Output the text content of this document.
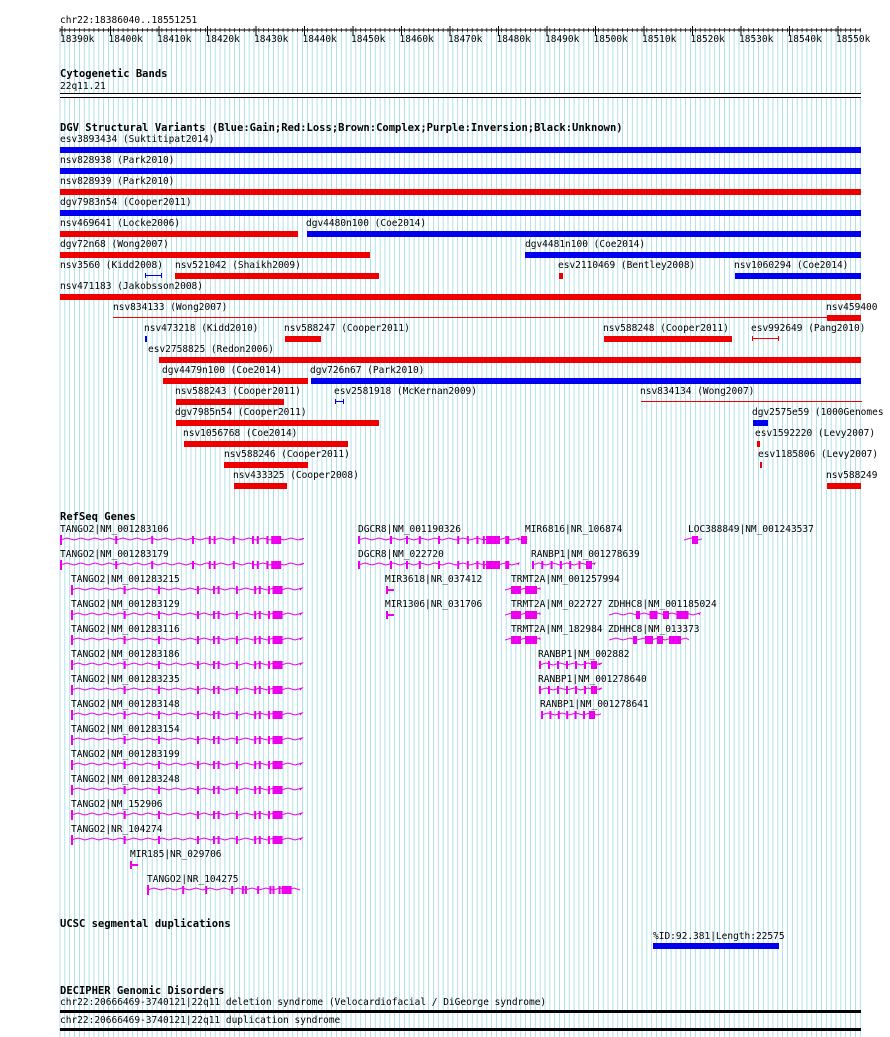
chr22:18386040..18551251
18390k 18400k 18410k 18420k 18430k 18440k 18450k 18460k 18470k 18480k 18490k 18500k 18510k 18520k 18530k 18540k 18550k
Cytogenetic Bands
22q11.21
DGV Structural Variants (Blue:Gain;Red:Loss;Brown:Complex;Purple:Inversion;Black:Unknown)
esv3893434 (Suktitipat2014)
nsv828938 (Park2010)
nsv828939 (Park2010)
dgv7983n54 (Cooper2011)
nsv469641 (Locke2006)	dgv4480n100 (Coe2014)
dgv72n68 (Wong2007)	dgv4481n100 (Coe2014)
nsv3560 (Kidd2008) nsv521042 (Shaikh2009)	esv2110469 (Bentley2008)	nsv1060294 (Coe2014)
nsv471183 (Jakobsson2008)
nsv834133 (Wong2007)	nsv459400
nsv473218 (Kidd2010)	nsv588247 (Cooper2011)	nsv588248 (Cooper2011) esv992649 (Pang2010)
esv2758825 (Redon2006)
dgv4479n100 (Coe2014)	dgv726n67 (Park2010)
nsv588243 (Cooper2011)	esv2581918 (McKernan2009)	nsv834134 (Wong2007)
dgv7985n54 (Cooper2011)	dgv2575e59 (1000Genomes
nsv1056768 (Coe2014)	esv1592220 (Levy2007)
nsv588246 (Cooper2011)	esv1185806 (Levy2007)
nsv433325 (Cooper2008)	nsv588249
RefSeq Genes
TANGO2|NM_001283106
TANGO2|NM_001283179
TANGO2|NM_001283215
TANGO2|NM_001283129
TANGO2|NM_001283116
TANGO2|NM_001283186
TANGO2|NM_001283235
TANGO2|NM_001283148
TANGO2|NM_001283154
TANGO2|NM_001283199
TANGO2|NM_001283248
TANGO2|NM_152906
TANGO2|NR_104274
MIR185|NR_029706
TANGO2|NR_104275
DGCR8|NM_001190326
DGCR8|NM_022720
MIR3618|NR_037412
MIR1306|NR_031706
MIR6816|NR_106874
RANBP1|NM_001278639
TRMT2A|NM_001257994
TRMT2A|NM_022727
TRMT2A|NM_182984
RANBP1|NM_002882
RANBP1|NM_001278640
RANBP1|NM_001278641
ZDHHC8|NM_001185024
ZDHHC8|NM_013373
LOC388849|NM_001243537
UCSC segmental duplications
%ID:92.381|Length:22575
DECIPHER Genomic Disorders
chr22:20666469-3740121|22q11 deletion syndrome (Velocardiofacial / DiGeorge syndrome)
chr22:20666469-3740121|22q11 duplication syndrome
